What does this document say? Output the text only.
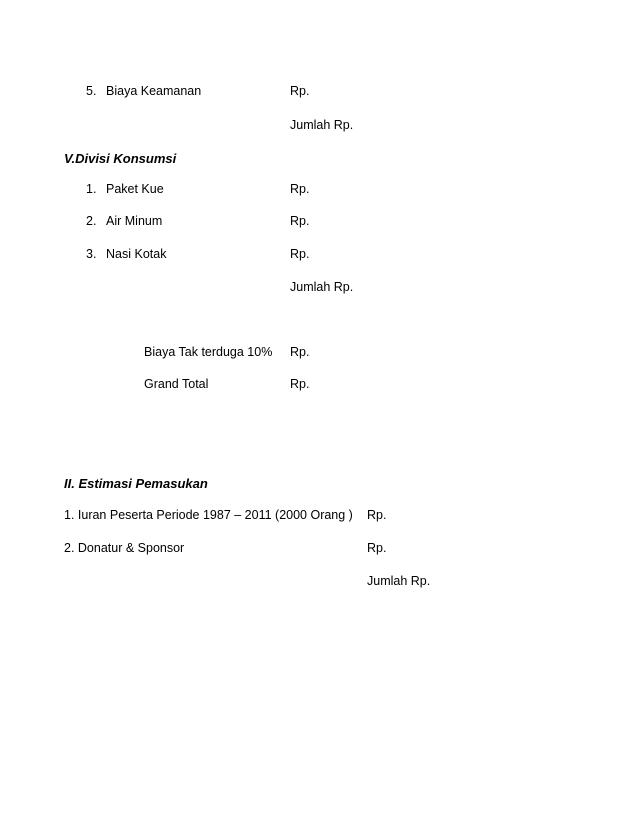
5. Biaya Keamanan	Rp.
Jumlah Rp.
V.Divisi Konsumsi
1. Paket Kue	Rp.
2. Air Minum	Rp.
3. Nasi Kotak	Rp.
Jumlah Rp.
Biaya Tak terduga 10% Rp.
Grand Total	Rp.
II. Estimasi Pemasukan
1. Iuran Peserta Periode 1987 – 2011 (2000 Orang ) Rp.
2. Donatur & Sponsor	Rp.
Jumlah Rp.
